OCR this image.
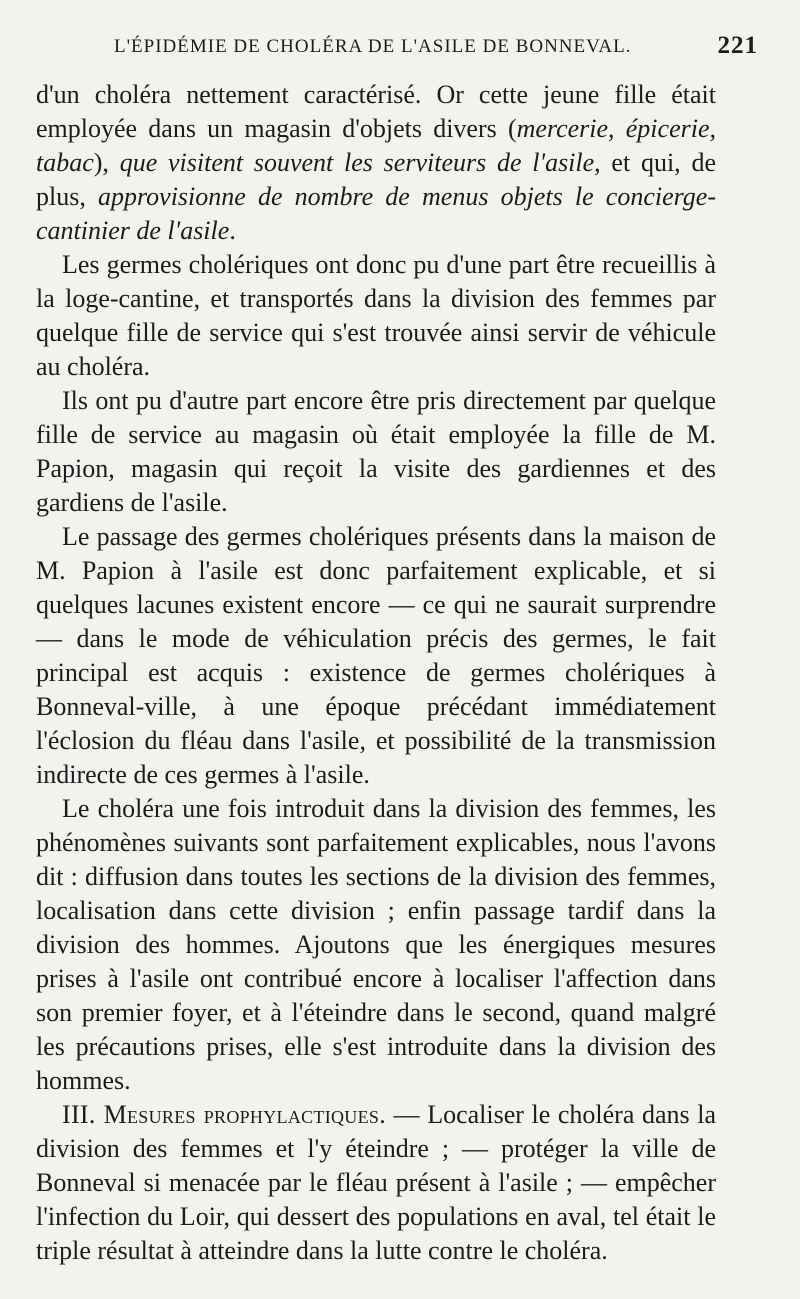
L'ÉPIDÉMIE DE CHOLÉRA DE L'ASILE DE BONNEVAL.	221

d'un choléra nettement caractérisé. Or cette jeune fille était employée dans un magasin d'objets divers (mercerie, épicerie, tabac), que visitent souvent les serviteurs de l'asile, et qui, de plus, approvisionne de nombre de menus objets le concierge-cantinier de l'asile.

Les germes cholériques ont donc pu d'une part être recueillis à la loge-cantine, et transportés dans la division des femmes par quelque fille de service qui s'est trouvée ainsi servir de véhicule au choléra.

Ils ont pu d'autre part encore être pris directement par quelque fille de service au magasin où était employée la fille de M. Papion, magasin qui reçoit la visite des gardiennes et des gardiens de l'asile.

Le passage des germes cholériques présents dans la maison de M. Papion à l'asile est donc parfaitement explicable, et si quelques lacunes existent encore — ce qui ne saurait surprendre — dans le mode de véhiculation précis des germes, le fait principal est acquis : existence de germes cholériques à Bonneval-ville, à une époque précédant immédiatement l'éclosion du fléau dans l'asile, et possibilité de la transmission indirecte de ces germes à l'asile.

Le choléra une fois introduit dans la division des femmes, les phénomènes suivants sont parfaitement explicables, nous l'avons dit : diffusion dans toutes les sections de la division des femmes, localisation dans cette division ; enfin passage tardif dans la division des hommes. Ajoutons que les énergiques mesures prises à l'asile ont contribué encore à localiser l'affection dans son premier foyer, et à l'éteindre dans le second, quand malgré les précautions prises, elle s'est introduite dans la division des hommes.

III. Mesures prophylactiques. — Localiser le choléra dans la division des femmes et l'y éteindre ; — protéger la ville de Bonneval si menacée par le fléau présent à l'asile ; — empêcher l'infection du Loir, qui dessert des populations en aval, tel était le triple résultat à atteindre dans la lutte contre le choléra.
